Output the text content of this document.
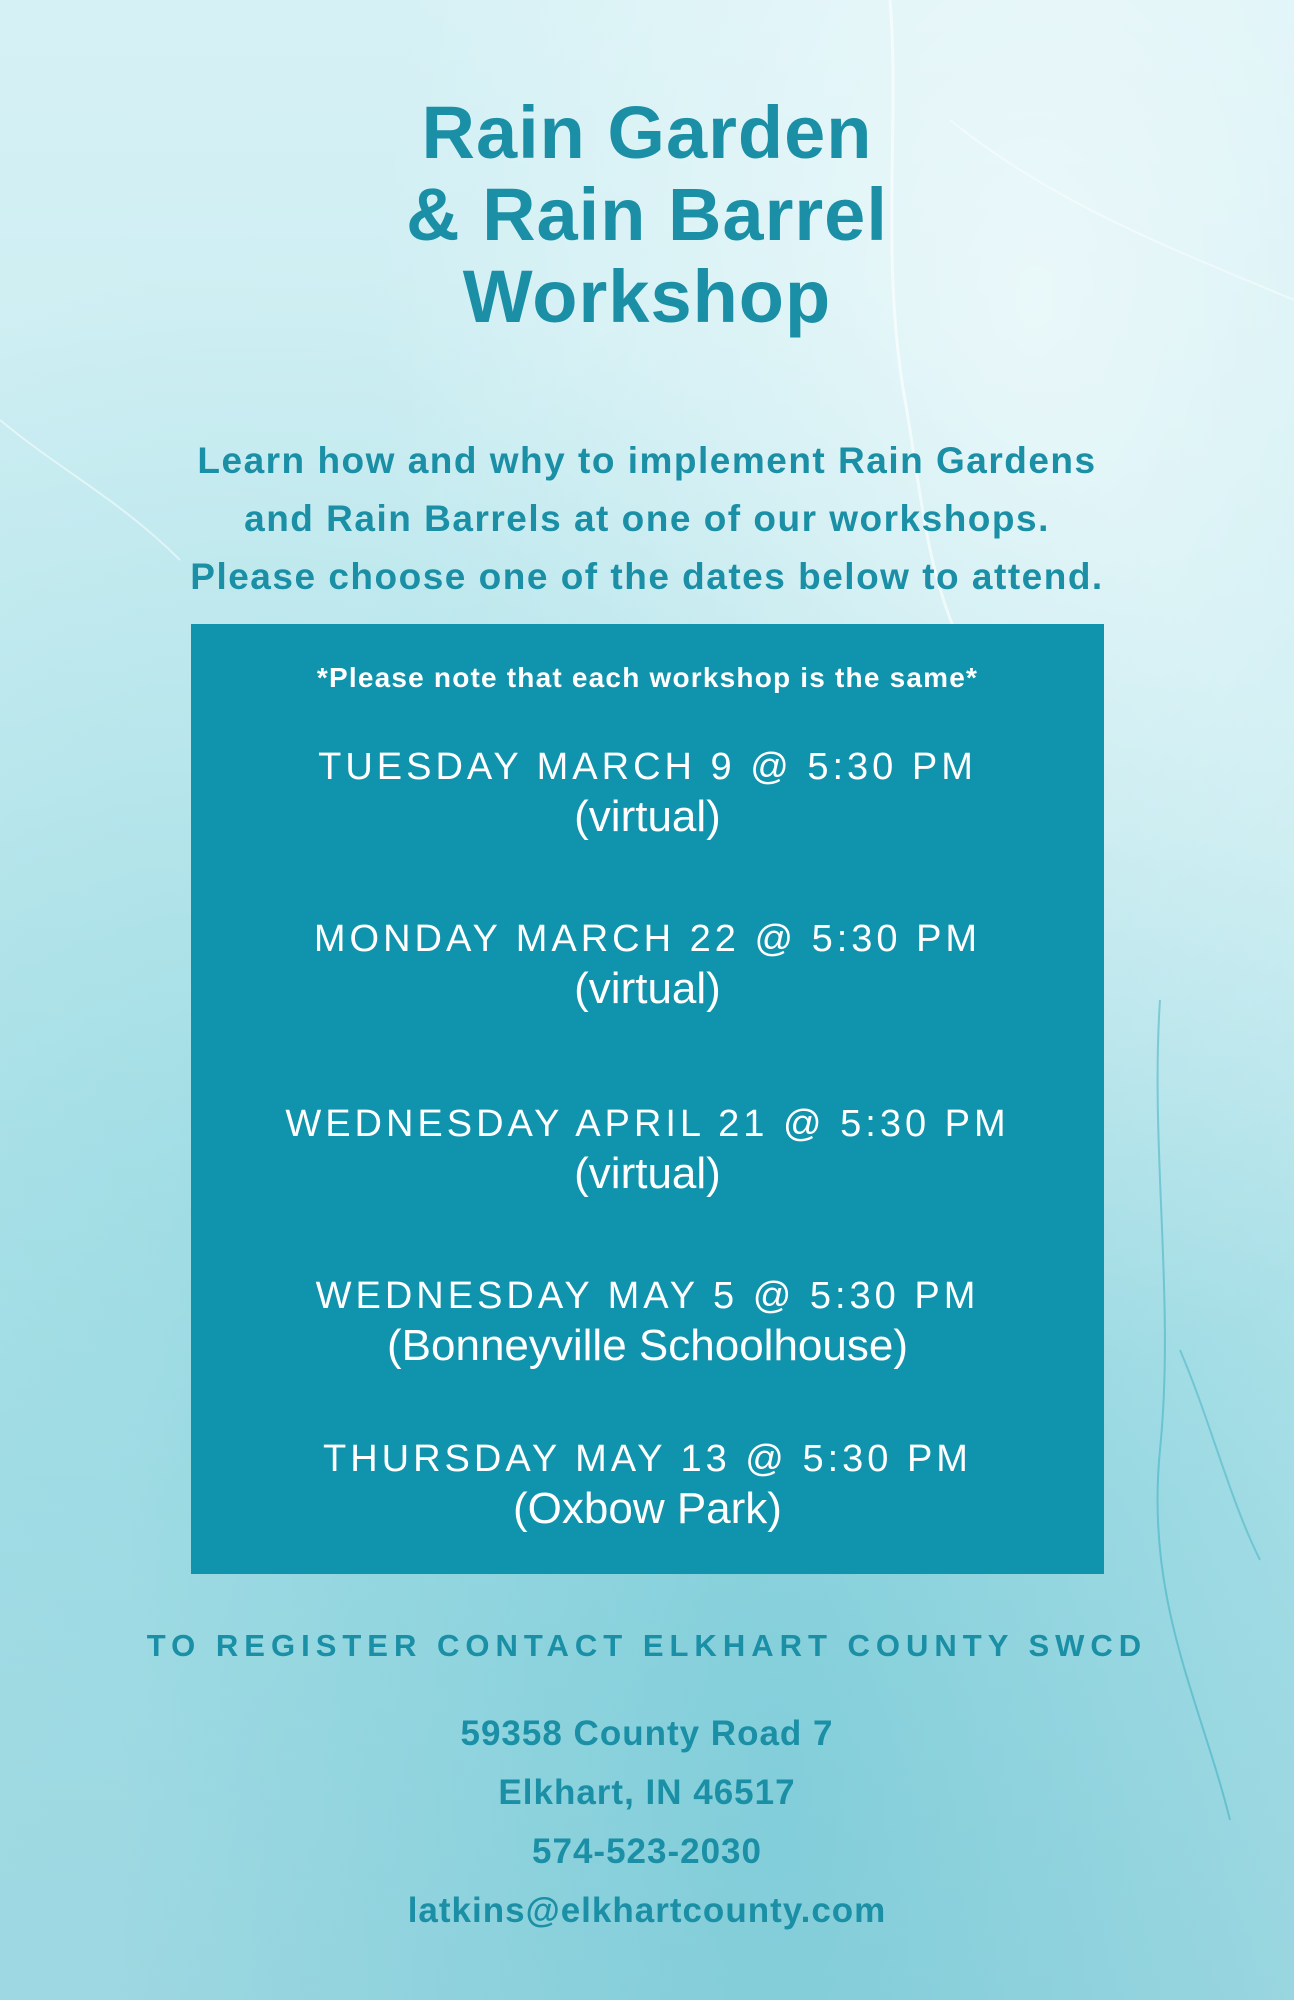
Rain Garden
& Rain Barrel
Workshop
Learn how and why to implement Rain Gardens
and Rain Barrels at one of our workshops.
Please choose one of the dates below to attend.
*Please note that each workshop is the same*
TUESDAY MARCH 9 @ 5:30 PM
(virtual)
MONDAY MARCH 22 @ 5:30 PM
(virtual)
WEDNESDAY APRIL 21 @ 5:30 PM
(virtual)
WEDNESDAY MAY 5 @ 5:30 PM
(Bonneyville Schoolhouse)
THURSDAY MAY 13 @ 5:30 PM
(Oxbow Park)
TO REGISTER CONTACT ELKHART COUNTY SWCD
59358 County Road 7
Elkhart, IN 46517
574-523-2030
latkins@elkhartcounty.com
